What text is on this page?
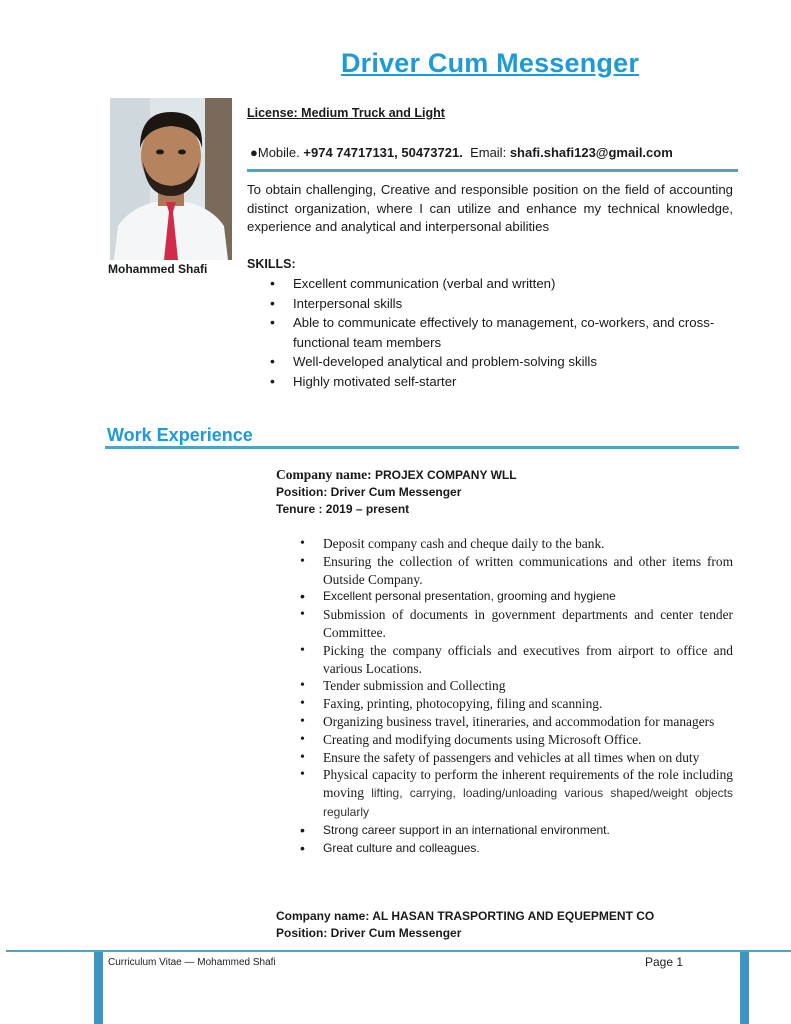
Driver Cum Messenger
Mohammed Shafi
License: Medium Truck and Light
●Mobile. +974 74717131, 50473721. Email: shafi.shafi123@gmail.com
To obtain challenging, Creative and responsible position on the field of accounting distinct organization, where I can utilize and enhance my technical knowledge, experience and analytical and interpersonal abilities
SKILLS:
• Excellent communication (verbal and written)
• Interpersonal skills
• Able to communicate effectively to management, co-workers, and cross-functional team members
• Well-developed analytical and problem-solving skills
• Highly motivated self-starter
Work Experience
Company name: PROJEX COMPANY WLL
Position: Driver Cum Messenger
Tenure : 2019 – present
• Deposit company cash and cheque daily to the bank.
• Ensuring the collection of written communications and other items from Outside Company.
• Excellent personal presentation, grooming and hygiene
• Submission of documents in government departments and center tender Committee.
• Picking the company officials and executives from airport to office and various Locations.
• Tender submission and Collecting
• Faxing, printing, photocopying, filing and scanning.
• Organizing business travel, itineraries, and accommodation for managers
• Creating and modifying documents using Microsoft Office.
• Ensure the safety of passengers and vehicles at all times when on duty
• Physical capacity to perform the inherent requirements of the role including moving lifting, carrying, loading/unloading various shaped/weight objects regularly
• Strong career support in an international environment.
• Great culture and colleagues.
Company name: AL HASAN TRASPORTING AND EQUEPMENT CO
Position: Driver Cum Messenger
Curriculum Vitae — Mohammed Shafi	Page 1
